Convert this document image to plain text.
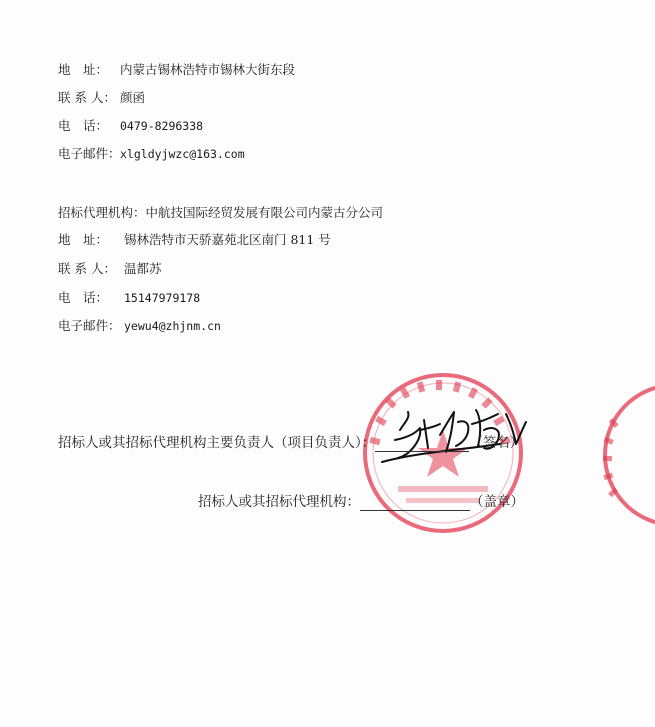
地　址： 内蒙古锡林浩特市锡林大街东段
联 系 人： 颜函
电　话： 0479-8296338
电子邮件：xlgldyjwzc@163.com
招标代理机构：中航技国际经贸发展有限公司内蒙古分公司
地　址： 锡林浩特市天骄嘉苑北区南门 811 号
联 系 人： 温都苏
电　话： 15147979178
电子邮件： yewu4@zhjnm.cn
招标人或其招标代理机构主要负责人（项目负责人）：	（签名）
招标人或其招标代理机构：	（盖章）
